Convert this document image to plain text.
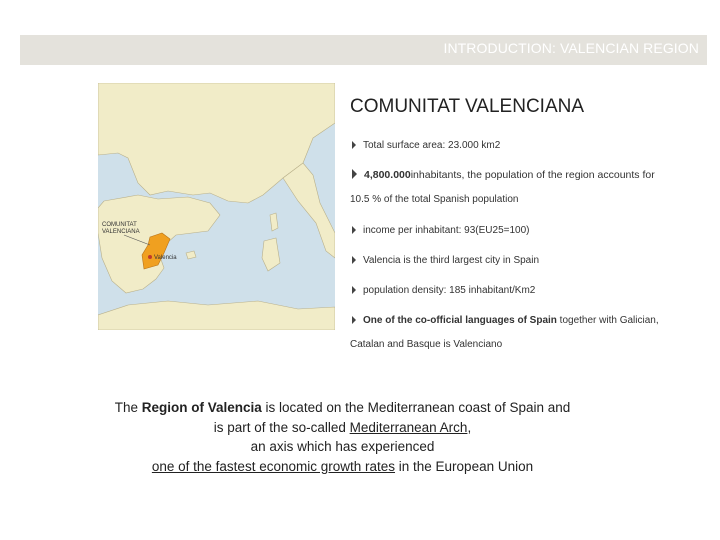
INTRODUCTION: VALENCIAN REGION
COMUNITAT
VALENCIANA
Valencia
COMUNITAT VALENCIANA
Total surface area: 23.000 km2
4,800.000inhabitants, the population of the region accounts for
10.5 % of the total Spanish population
income per inhabitant: 93(EU25=100)
Valencia is the third largest city in Spain
population density: 185 inhabitant/Km2
One of the co-official languages of Spain together with Galician,
Catalan and Basque is Valenciano
The Region of Valencia is located on the Mediterranean coast of Spain and
is part of the so-called Mediterranean Arch,
an axis which has experienced
one of the fastest economic growth rates in the European Union
